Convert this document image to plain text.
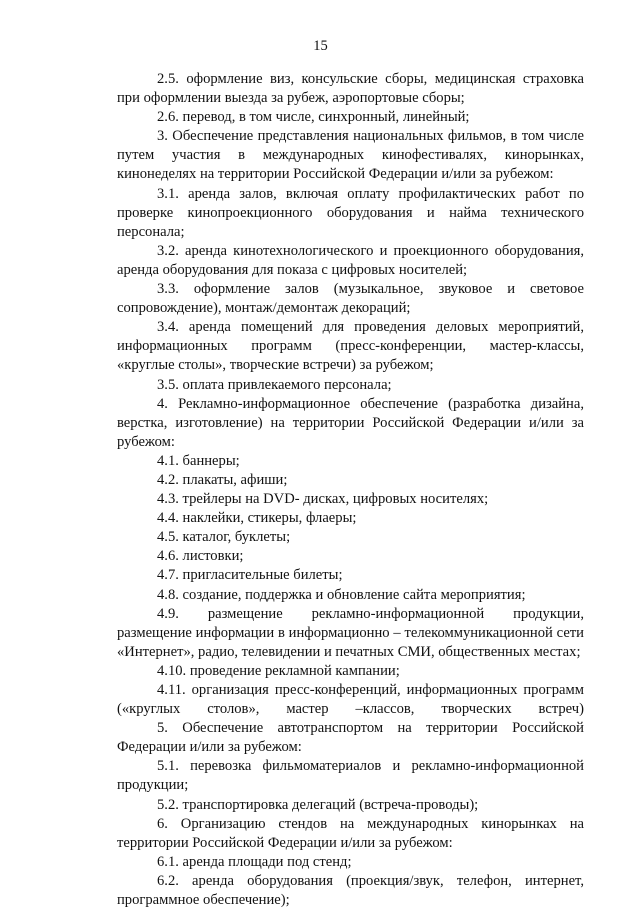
15

2.5. оформление виз, консульские сборы, медицинская страховка при оформлении выезда за рубеж, аэропортовые сборы;

2.6. перевод, в том числе, синхронный, линейный;

3. Обеспечение представления национальных фильмов, в том числе путем участия в международных кинофестивалях, кинорынках, кинонеделях на территории Российской Федерации и/или за рубежом:

3.1. аренда залов, включая оплату профилактических работ по проверке кинопроекционного оборудования и найма технического персонала;

3.2. аренда кинотехнологического и проекционного оборудования, аренда оборудования для показа с цифровых носителей;

3.3. оформление залов (музыкальное, звуковое и световое сопровождение), монтаж/демонтаж декораций;

3.4. аренда помещений для проведения деловых мероприятий, информационных программ (пресс-конференции, мастер-классы, «круглые столы», творческие встречи) за рубежом;

3.5. оплата привлекаемого персонала;

4. Рекламно-информационное обеспечение (разработка дизайна, верстка, изготовление) на территории Российской Федерации и/или за рубежом:

4.1. баннеры;

4.2. плакаты, афиши;

4.3. трейлеры на DVD- дисках, цифровых носителях;

4.4. наклейки, стикеры, флаеры;

4.5. каталог, буклеты;

4.6. листовки;

4.7. пригласительные билеты;

4.8. создание, поддержка и обновление сайта мероприятия;

4.9. размещение рекламно-информационной продукции, размещение информации в информационно – телекоммуникационной сети «Интернет», радио, телевидении и печатных СМИ, общественных местах;

4.10. проведение рекламной кампании;

4.11. организация пресс-конференций, информационных программ («круглых столов», мастер –классов, творческих встреч)

5. Обеспечение автотранспортом на территории Российской Федерации и/или за рубежом:

5.1. перевозка фильмоматериалов и рекламно-информационной продукции;

5.2. транспортировка делегаций (встреча-проводы);

6. Организацию стендов на международных кинорынках на территории Российской Федерации и/или за рубежом:

6.1. аренда площади под стенд;

6.2. аренда оборудования (проекция/звук, телефон, интернет, программное обеспечение);
